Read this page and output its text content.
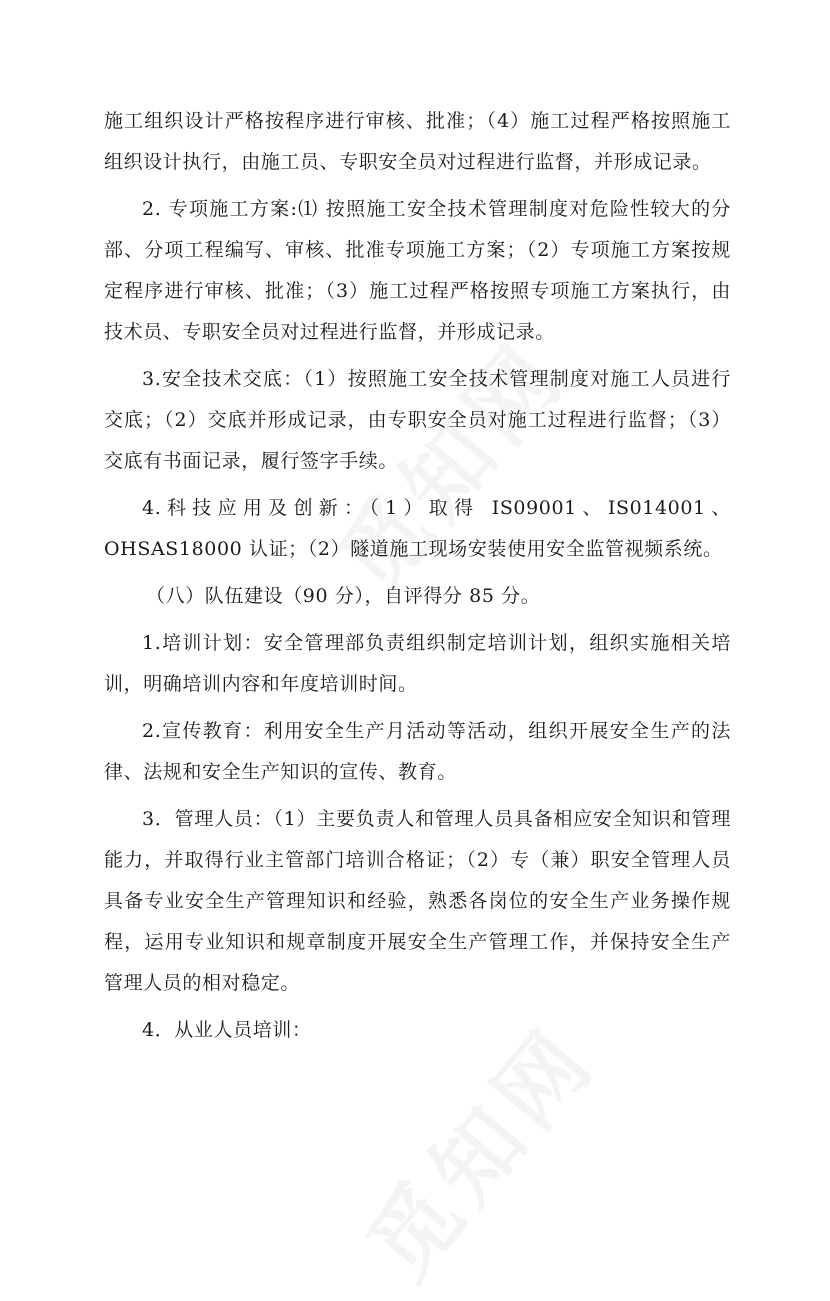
施工组织设计严格按程序进行审核、批准；（4）施工过程严格按照施工组织设计执行，由施工员、专职安全员对过程进行监督，并形成记录。

2. 专项施工方案:⑴ 按照施工安全技术管理制度对危险性较大的分部、分项工程编写、审核、批准专项施工方案；（2）专项施工方案按规定程序进行审核、批准；（3）施工过程严格按照专项施工方案执行，由技术员、专职安全员对过程进行监督，并形成记录。

3.安全技术交底：（1）按照施工安全技术管理制度对施工人员进行交底；（2）交底并形成记录，由专职安全员对施工过程进行监督；（3）交底有书面记录，履行签字手续。

4.科技应用及创新：（1）取得 IS09001、IS014001、OHSAS18000 认证；（2）隧道施工现场安装使用安全监管视频系统。

（八）队伍建设（90 分），自评得分 85 分。

1.培训计划：安全管理部负责组织制定培训计划，组织实施相关培训，明确培训内容和年度培训时间。

2.宣传教育：利用安全生产月活动等活动，组织开展安全生产的法律、法规和安全生产知识的宣传、教育。

3．管理人员：（1）主要负责人和管理人员具备相应安全知识和管理能力，并取得行业主管部门培训合格证；（2）专（兼）职安全管理人员具备专业安全生产管理知识和经验，熟悉各岗位的安全生产业务操作规程，运用专业知识和规章制度开展安全生产管理工作，并保持安全生产管理人员的相对稳定。

4．从业人员培训：
